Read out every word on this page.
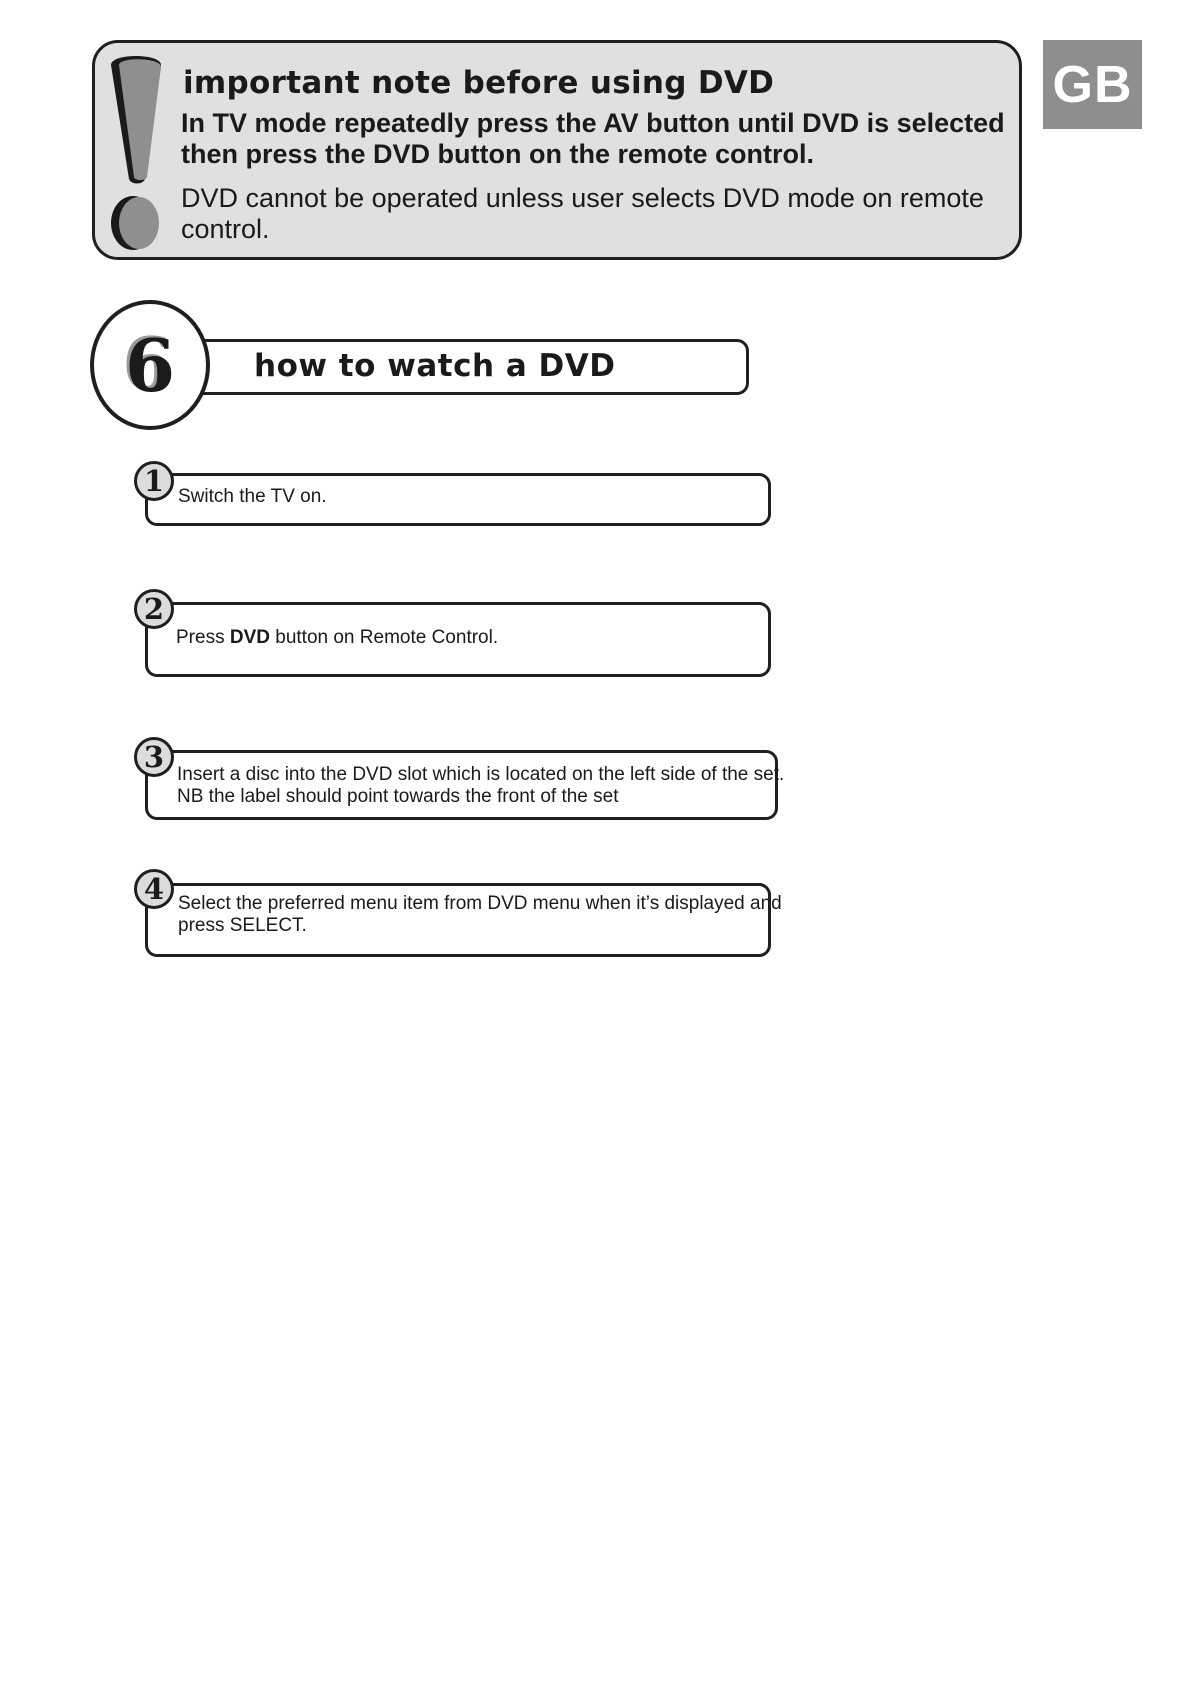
important note before using DVD
In TV mode repeatedly press the AV button until DVD is selected
then press the DVD button on the remote control.
DVD cannot be operated unless user selects DVD mode on remote
control.
GB
6	how to watch a DVD
1 Switch the TV on.
2
Press DVD button on Remote Control.
3
Insert a disc into the DVD slot which is located on the left side of the set.
NB the label should point towards the front of the set
4 Select the preferred menu item from DVD menu when it’s displayed and
press SELECT.
